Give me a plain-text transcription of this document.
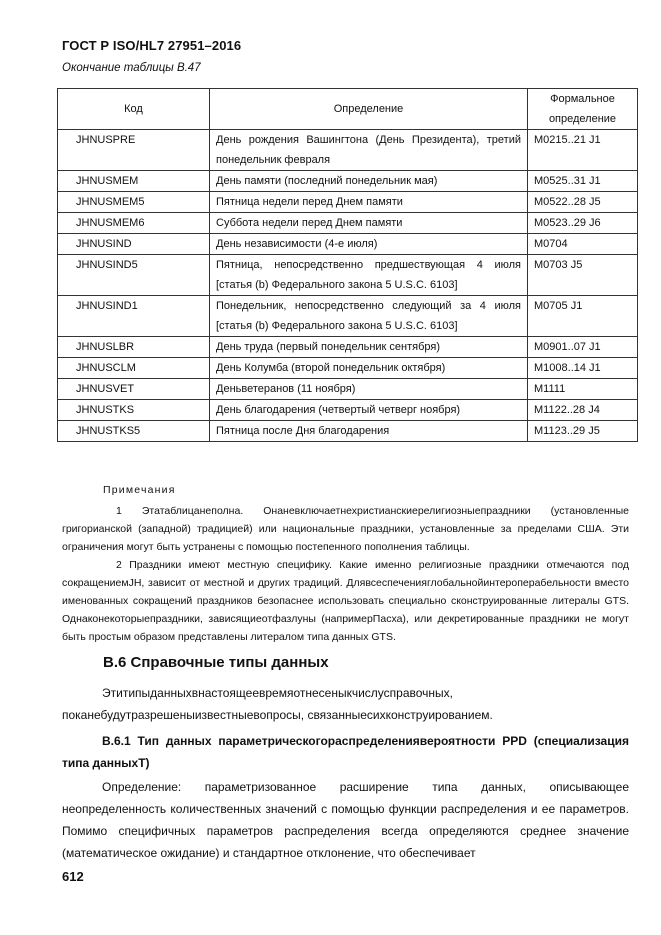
ГОСТ Р ISO/HL7 27951–2016
Окончание таблицы В.47
Код	Определение	Формальное определение
JHNUSPRE	День рождения Вашингтона (День Президента), третий понедельник февраля	M0215..21 J1
JHNUSMEM	День памяти (последний понедельник мая)	M0525..31 J1
JHNUSMEM5	Пятница недели перед Днем памяти	M0522..28 J5
JHNUSMEM6	Суббота недели перед Днем памяти	M0523..29 J6
JHNUSIND	День независимости (4-е июля)	M0704
JHNUSIND5	Пятница, непосредственно предшествующая 4 июля [статья (b) Федерального закона 5 U.S.C. 6103]	M0703 J5
JHNUSIND1	Понедельник, непосредственно следующий за 4 июля [статья (b) Федерального закона 5 U.S.C. 6103]	M0705 J1
JHNUSLBR	День труда (первый понедельник сентября)	M0901..07 J1
JHNUSCLM	День Колумба (второй понедельник октября)	M1008..14 J1
JHNUSVET	Деньветеранов (11 ноября)	M1111
JHNUSTKS	День благодарения (четвертый четверг ноября)	M1122..28 J4
JHNUSTKS5	Пятница после Дня благодарения	M1123..29 J5
Примечания
1 Этатаблицанеполна. Онаневключаетнехристианскиерелигиозныепраздники (установленные григорианской (западной) традицией) или национальные праздники, установленные за пределами США. Эти ограничения могут быть устранены с помощью постепенного пополнения таблицы.
2 Праздники имеют местную специфику. Какие именно религиозные праздники отмечаются под сокращениемJH, зависит от местной и других традиций. Длявсеспеченияглобальнойинтероперабельности вместо именованных сокращений праздников безопаснее использовать специально сконструированные литералы GTS. Однаконекоторыепраздники, зависящиеотфазлуны (напримерПасха), или декретированные праздники не могут быть простым образом представлены литералом типа данных GTS.
В.6 Справочные типы данных
Этитипыданныхвнастоящеевремяотнесеныкчислусправочных, поканебудутразрешеныизвестныевопросы, связанныесихконструированием.
В.6.1 Тип данных параметрическогораспределениявероятности PPD (специализация типа данныхТ)
Определение: параметризованное расширение типа данных, описывающее неопределенность количественных значений с помощью функции распределения и ее параметров. Помимо специфичных параметров распределения всегда определяются среднее значение (математическое ожидание) и стандартное отклонение, что обеспечивает
612
